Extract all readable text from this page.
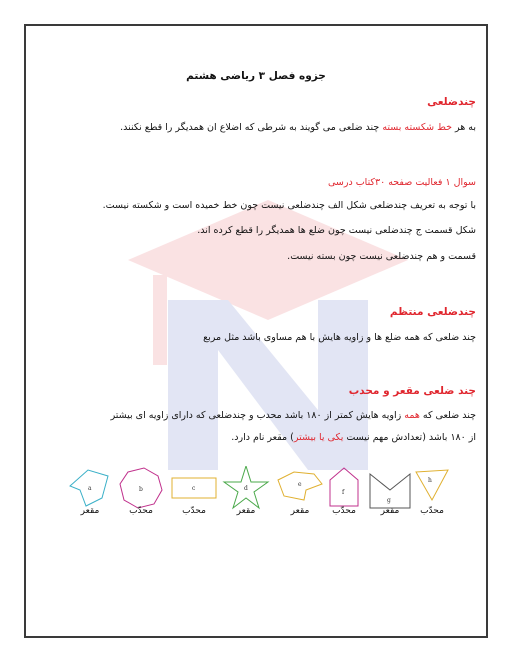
جزوه فصل ۳ ریاضی هشتم
چندضلعی
به هر خط شکسته بسته چند ضلعی می گویند به شرطی که اضلاع ان همدیگر را قطع نکنند.
سوال ۱ فعالیت صفحه ۳۰کتاب درسی
با توجه به تعریف چندضلعی شکل الف چندضلعی نیست چون خط خمیده است و شکسته نیست.
شکل قسمت ج چندضلعی نیست چون ضلع ها همدیگر را قطع کرده اند.
قسمت و هم چندضلعی نیست چون بسته نیست.
چندضلعی منتظم
چند ضلعی که همه ضلع ها و زاویه هایش با هم مساوی باشد مثل مربع
چند ضلعی مقعر و محدب
چند ضلعی که همه زاویه هایش کمتر از ۱۸۰ باشد محدب و چندضلعی که دارای زاویه ای بیشتر
از ۱۸۰ باشد (تعدادش مهم نیست یکی یا بیشتر) مقعر نام دارد.
a	b	c	d
e
f
g
h
مقعر	محدّب	محدّب	مقعر	مقعر	محدّب	مقعر	محدّب
